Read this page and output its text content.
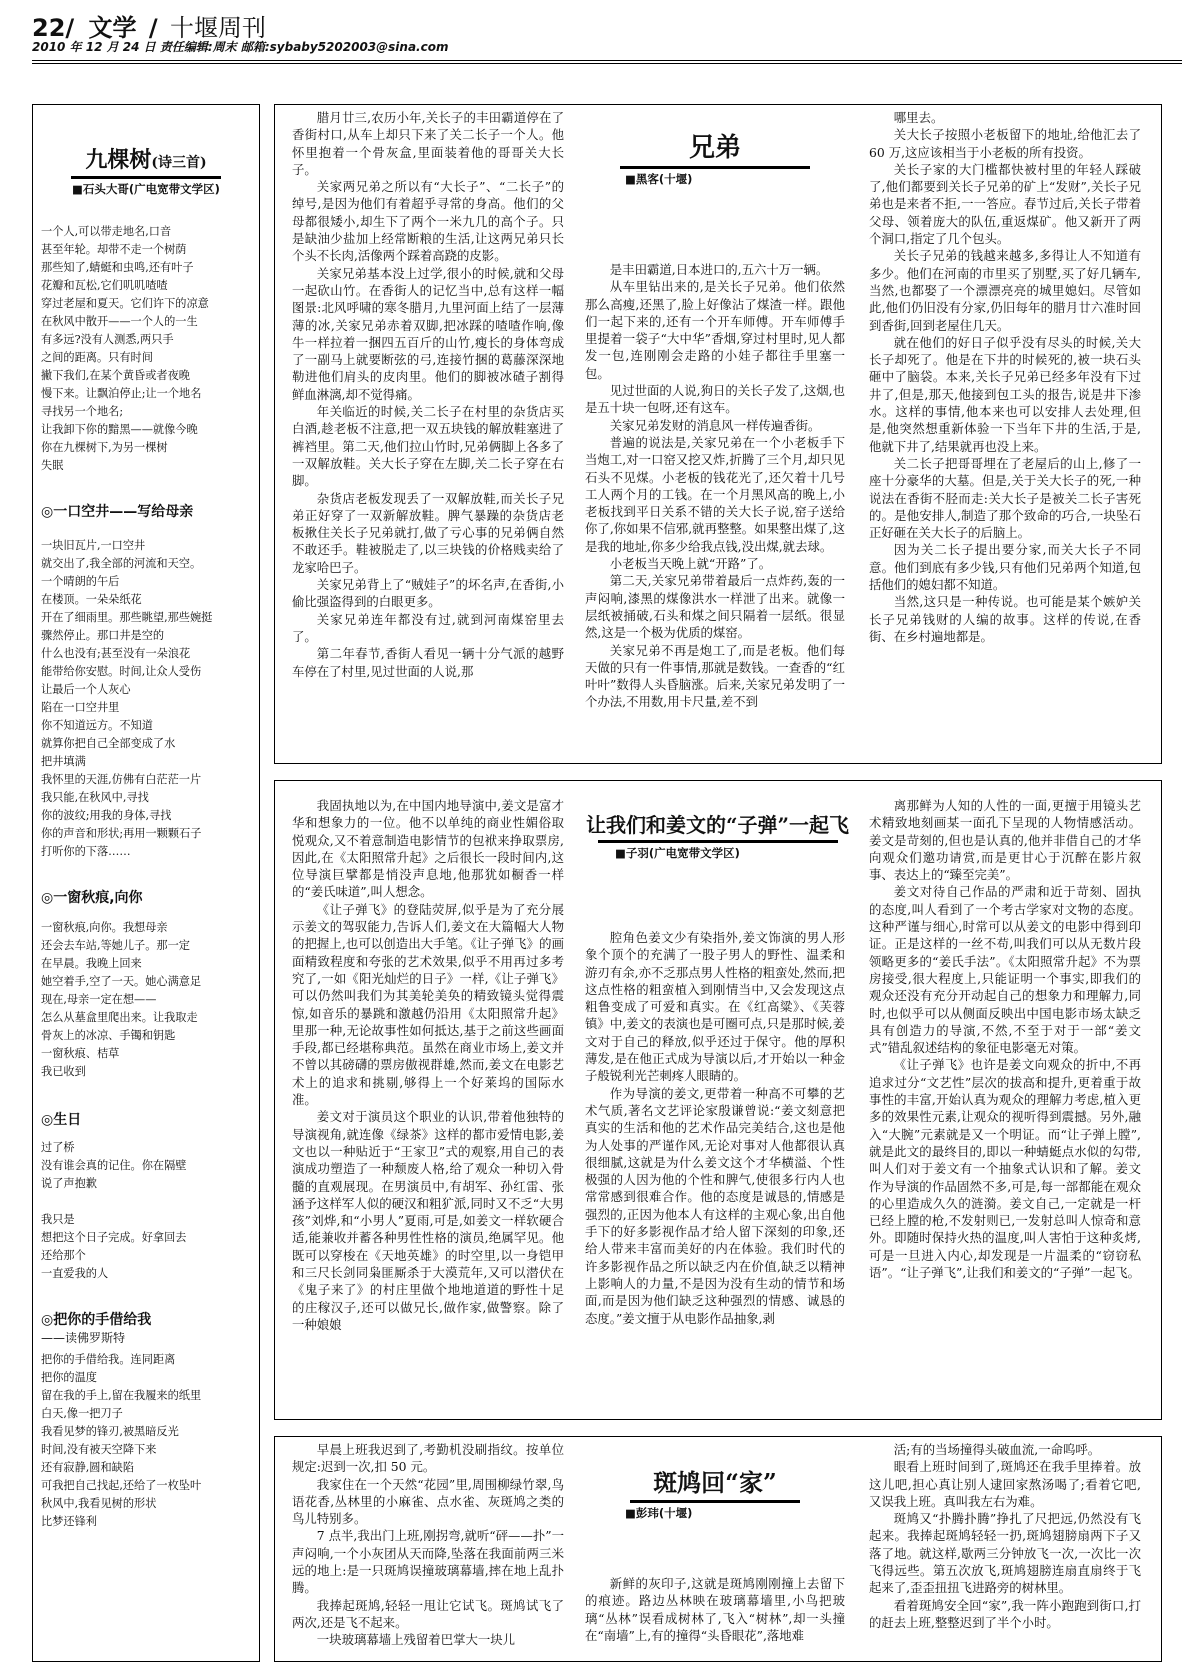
22/ 文学 / 十堰周刊
2010 年 12 月 24 日 责任编辑:周末 邮箱:sybaby5202003@sina.com
九棵树(诗三首)
■石头大哥(广电宽带文学区)
一个人,可以带走地名,口音
甚至年轮。却带不走一个树荫
那些知了,蜻蜓和虫鸣,还有叶子
花瓣和瓦松,它们叽叽喳喳
穿过老屋和夏天。它们许下的凉意
在秋风中散开——一个人的一生
有多远?没有人测悉,两只手
之间的距离。只有时间
撇下我们,在某个黄昏或者夜晚
慢下来。让飘泊停止;让一个地名
寻找另一个地名;
让我卸下你的黯黑——就像今晚
你在九棵树下,为另一棵树
失眠
◎一口空井——写给母亲
一块旧瓦片,一口空井
就交出了,我全部的河流和天空。
一个晴朗的午后
在楼顶。一朵朵纸花
开在了细雨里。那些眺望,那些婉挺
骤然停止。那口井是空的
什么也没有;甚至没有一朵浪花
能带给你安慰。时间,让众人受伤
让最后一个人灰心
陷在一口空井里
你不知道远方。不知道
就算你把自己全部变成了水
把井填满
我怀里的天涯,仿佛有白茫茫一片
我只能,在秋风中,寻找
你的波纹;用我的身体,寻找
你的声音和形状;再用一颗颗石子
打听你的下落……
◎一窗秋痕,向你
一窗秋痕,向你。我想母亲
还会去车站,等她儿子。那一定
在早晨。我晚上回来
她空着手,空了一天。她心满意足
现在,母亲一定在想——
怎么从墓盒里爬出来。让我取走
骨灰上的冰凉、手镯和钥匙
一窗秋痕、桔草
我已收到
◎生日
过了桥
没有谁会真的记住。你在隔壁
说了声抱歉

我只是
想把这个日子完成。好拿回去
还给那个
一直爱我的人
◎把你的手借给我
——读佛罗斯特
把你的手借给我。连同距离
把你的温度
留在我的手上,留在我履来的纸里
白天,像一把刀子
我看见梦的锋刃,被黑暗反光
时间,没有被天空降下来
还有寂静,圆和缺陷
可我把自己找起,还给了一枚坠叶
秋风中,我看见树的形状
比梦还锋利

腊月廿三,农历小年,关长子的丰田霸道停在了香街村口,从车上却只下来了关二长子一个人。他怀里抱着一个骨灰盒,里面装着他的哥哥关大长子。

关家两兄弟之所以有“大长子”、“二长子”的绰号,是因为他们有着超乎寻常的身高。他们的父母都很矮小,却生下了两个一米九几的高个子。只是缺油少盐加上经常断粮的生活,让这两兄弟只长个头不长肉,活像两个踩着高跷的皮影。

关家兄弟基本没上过学,很小的时候,就和父母一起砍山竹。在香街人的记忆当中,总有这样一幅图景:北风呼啸的寒冬腊月,九里河面上结了一层薄薄的冰,关家兄弟赤着双脚,把冰踩的喳喳作响,像牛一样拉着一捆四五百斤的山竹,瘦长的身体弯成了一副马上就要断弦的弓,连接竹捆的葛藤深深地勒进他们肩头的皮肉里。他们的脚被冰碴子割得鲜血淋漓,却不觉得痛。

年关临近的时候,关二长子在村里的杂货店买白酒,趁老板不注意,把一双五块钱的解放鞋塞进了裤裆里。第二天,他们拉山竹时,兄弟俩脚上各多了一双解放鞋。关大长子穿在左脚,关二长子穿在右脚。

杂货店老板发现丢了一双解放鞋,而关长子兄弟正好穿了一双新解放鞋。脾气暴躁的杂货店老板揪住关长子兄弟就打,做了亏心事的兄弟俩自然不敢还手。鞋被脱走了,以三块钱的价格贱卖给了龙家哈巴子。

关家兄弟背上了“贼娃子”的坏名声,在香街,小偷比强盗得到的白眼更多。

关家兄弟连年都没有过,就到河南煤窑里去了。

第二年春节,香街人看见一辆十分气派的越野车停在了村里,见过世面的人说,那

兄弟
■黑客(十堰)

是丰田霸道,日本进口的,五六十万一辆。

从车里钻出来的,是关长子兄弟。他们依然那么高瘦,还黑了,脸上好像沾了煤渣一样。跟他们一起下来的,还有一个开车师傅。开车师傅手里提着一袋子“大中华”香烟,穿过村里时,见人都发一包,连刚刚会走路的小娃子都往手里塞一包。

见过世面的人说,狗日的关长子发了,这烟,也是五十块一包呀,还有这车。

关家兄弟发财的消息风一样传遍香街。

普遍的说法是,关家兄弟在一个小老板手下当炮工,对一口窑又挖又炸,折腾了三个月,却只见石头不见煤。小老板的钱花光了,还欠着十几号工人两个月的工钱。在一个月黑风高的晚上,小老板找到平日关系不错的关大长子说,窑子送给你了,你如果不信邪,就再整整。如果整出煤了,这是我的地址,你多少给我点钱,没出煤,就去球。

小老板当天晚上就“开路”了。

第二天,关家兄弟带着最后一点炸药,轰的一声闷响,漆黑的煤像洪水一样泄了出来。就像一层纸被捅破,石头和煤之间只隔着一层纸。很显然,这是一个极为优质的煤窑。

关家兄弟不再是炮工了,而是老板。他们每天做的只有一件事情,那就是数钱。一查香的“红叶叶”数得人头昏脑涨。后来,关家兄弟发明了一个办法,不用数,用卡尺量,差不到

哪里去。

关大长子按照小老板留下的地址,给他汇去了 60 万,这应该相当于小老板的所有投资。

关长子家的大门槛都快被村里的年轻人踩破了,他们都要到关长子兄弟的矿上“发财”,关长子兄弟也是来者不拒,一一答应。春节过后,关长子带着父母、领着庞大的队伍,重返煤矿。他又新开了两个洞口,指定了几个包头。

关长子兄弟的钱越来越多,多得让人不知道有多少。他们在河南的市里买了别墅,买了好几辆车,当然,也都娶了一个漂漂亮亮的城里媳妇。尽管如此,他们仍旧没有分家,仍旧每年的腊月廿六准时回到香街,回到老屋住几天。

就在他们的好日子似乎没有尽头的时候,关大长子却死了。他是在下井的时候死的,被一块石头砸中了脑袋。本来,关长子兄弟已经多年没有下过井了,但是,那天,他接到包工头的报告,说是井下渗水。这样的事情,他本来也可以安排人去处理,但是,他突然想重新体验一下当年下井的生活,于是,他就下井了,结果就再也没上来。

关二长子把哥哥埋在了老屋后的山上,修了一座十分豪华的大墓。但是,关于关大长子的死,一种说法在香街不胫而走:关大长子是被关二长子害死的。是他安排人,制造了那个致命的巧合,一块坠石正好砸在关大长子的后脑上。

因为关二长子提出要分家,而关大长子不同意。他们到底有多少钱,只有他们兄弟两个知道,包括他们的媳妇都不知道。

当然,这只是一种传说。也可能是某个嫉妒关长子兄弟钱财的人编的故事。这样的传说,在香街、在乡村遍地都是。

我固执地以为,在中国内地导演中,姜文是富才华和想象力的一位。他不以单纯的商业性媚俗取悦观众,又不着意制造电影情节的包袱来挣取票房,因此,在《太阳照常升起》之后很长一段时间内,这位导演巨擘都是悄没声息地,他那犹如橱香一样的“姜氏味道”,叫人想念。

《让子弹飞》的登陆荧屏,似乎是为了充分展示姜文的驾驭能力,告诉人们,姜文在大篇幅大人物的把握上,也可以创造出大手笔。《让子弹飞》的画面精致程度和夸张的艺术效果,似乎不用再过多考究了,一如《阳光灿烂的日子》一样,《让子弹飞》可以仍然叫我们为其美轮美奂的精致镜头觉得震惊,如音乐的暴跳和激越仍沿用《太阳照常升起》里那一种,无论故事性如何抵达,基于之前这些画面手段,都已经堪称典范。虽然在商业市场上,姜文并不曾以其磅礴的票房傲视群雄,然而,姜文在电影艺术上的追求和挑剔,够得上一个好莱坞的国际水准。

姜文对于演员这个职业的认识,带着他独特的导演视角,就连像《绿茶》这样的都市爱情电影,姜文也以一种贴近于“王家卫”式的观察,用自己的表演成功塑造了一种颓废人格,给了观众一种切入骨髓的直观展现。在男演员中,有胡军、孙红雷、张涵予这样军人似的硬汉和粗犷派,同时又不乏“大男孩”刘烨,和“小男人”夏雨,可是,如姜文一样软硬合适,能兼收并蓄各种男性性格的演员,绝属罕见。他既可以穿梭在《天地英雄》的时空里,以一身铠甲和三尺长剑同枭匪厮杀于大漠荒年,又可以潜伏在《鬼子来了》的村庄里做个地地道道的野性十足的庄稼汉子,还可以做兄长,做作家,做警察。除了一种娘娘

让我们和姜文的“子弹”一起飞
■子羽(广电宽带文学区)

腔角色姜文少有染指外,姜文饰演的男人形象个顶个的充满了一股子男人的野性、温柔和游刃有余,亦不乏那点男人性格的粗蛮处,然而,把这点性格的粗蛮植入到刚情当中,又会发现这点粗鲁变成了可爱和真实。在《红高粱》、《芙蓉镇》中,姜文的表演也是可圈可点,只是那时候,姜文对于自己的释放,似乎还过于保守。他的厚积薄发,是在他正式成为导演以后,才开始以一种金子般锐利光芒刺疼人眼睛的。

作为导演的姜文,更带着一种高不可攀的艺术气质,著名文艺评论家殷谦曾说:“姜文刻意把真实的生活和他的艺术作品完美结合,这也是他为人处事的严谨作风,无论对事对人他都很认真很细腻,这就是为什么姜文这个才华横溢、个性极强的人因为他的个性和脾气,使很多行内人也常常感到很难合作。他的态度是诚恳的,情感是强烈的,正因为他本人有这样的主观心象,出自他手下的好多影视作品才给人留下深刻的印象,还给人带来丰富而美好的内在体验。我们时代的许多影视作品之所以缺乏内在价值,缺乏以精神上影响人的力量,不是因为没有生动的情节和场面,而是因为他们缺乏这种强烈的情感、诚恳的态度。”姜文擅于从电影作品抽象,剥

离那鲜为人知的人性的一面,更擅于用镜头艺术精致地刻画某一面孔下呈现的人物情感活动。姜文是苛刻的,但也是认真的,他并非借自己的才华向观众们邀功请赏,而是更甘心于沉醉在影片叙事、表达上的“臻至完美”。

姜文对待自己作品的严肃和近于苛刻、固执的态度,叫人看到了一个考古学家对文物的态度。这种严谨与细心,时常可以从姜文的电影中得到印证。正是这样的一丝不苟,叫我们可以从无数片段领略更多的“姜氏手法”。《太阳照常升起》不为票房接受,很大程度上,只能证明一个事实,即我们的观众还没有充分开动起自己的想象力和理解力,同时,也似乎可以从侧面反映出中国电影市场太缺乏具有创造力的导演,不然,不至于对于一部“姜文式”错乱叙述结构的象征电影毫无对策。

《让子弹飞》也许是姜文向观众的折中,不再追求过分“文艺性”层次的拔高和提升,更着重于故事性的丰富,开始认真为观众的理解力考虑,植入更多的效果性元素,让观众的视听得到震撼。另外,融入“大腕”元素就是又一个明证。而“让子弹上膛”,就是此文的最终目的,即以一种蜻蜓点水似的勾带,叫人们对于姜文有一个抽象式认识和了解。姜文作为导演的作品固然不多,可是,每一部都能在观众的心里造成久久的涟漪。姜文自己,一定就是一杆已经上膛的枪,不发射则已,一发射总叫人惊奇和意外。即随时保持火热的温度,叫人害怕于这种炙烤,可是一旦进入内心,却发现是一片温柔的“窃窃私语”。“让子弹飞”,让我们和姜文的“子弹”一起飞。

早晨上班我迟到了,考勤机没刷指纹。按单位规定:迟到一次,扣 50 元。

我家住在一个天然“花园”里,周围柳绿竹翠,鸟语花香,丛林里的小麻雀、点水雀、灰斑鸠之类的鸟儿特别多。

7 点半,我出门上班,刚拐弯,就听“砰——扑”一声闷响,一个小灰团从天而降,坠落在我面前两三米远的地上:是一只斑鸠误撞玻璃幕墙,摔在地上乱扑腾。

我捧起斑鸠,轻轻一甩让它试飞。斑鸠试飞了两次,还是飞不起来。

一块玻璃幕墙上残留着巴掌大一块儿

斑鸠回“家”
■彭玮(十堰)

新鲜的灰印子,这就是斑鸠刚刚撞上去留下的痕迹。路边丛林映在玻璃幕墙里,小鸟把玻璃“丛林”误看成树林了,飞入“树林”,却一头撞在“南墙”上,有的撞得“头昏眼花”,落地难

活;有的当场撞得头破血流,一命呜呼。

眼看上班时间到了,斑鸠还在我手里捧着。放这儿吧,担心真让别人逮回家熬汤喝了;看着它吧,又误我上班。真叫我左右为难。

斑鸠又“扑腾扑腾”挣扎了尺把远,仍然没有飞起来。我捧起斑鸠轻轻一扔,斑鸠翅膀扇两下子又落了地。就这样,歇两三分钟放飞一次,一次比一次飞得远些。第五次放飞,斑鸠翅膀连扇直扇终于飞起来了,歪歪扭扭飞进路旁的树林里。

看着斑鸠安全回“家”,我一阵小跑跑到街口,打的赶去上班,整整迟到了半个小时。
